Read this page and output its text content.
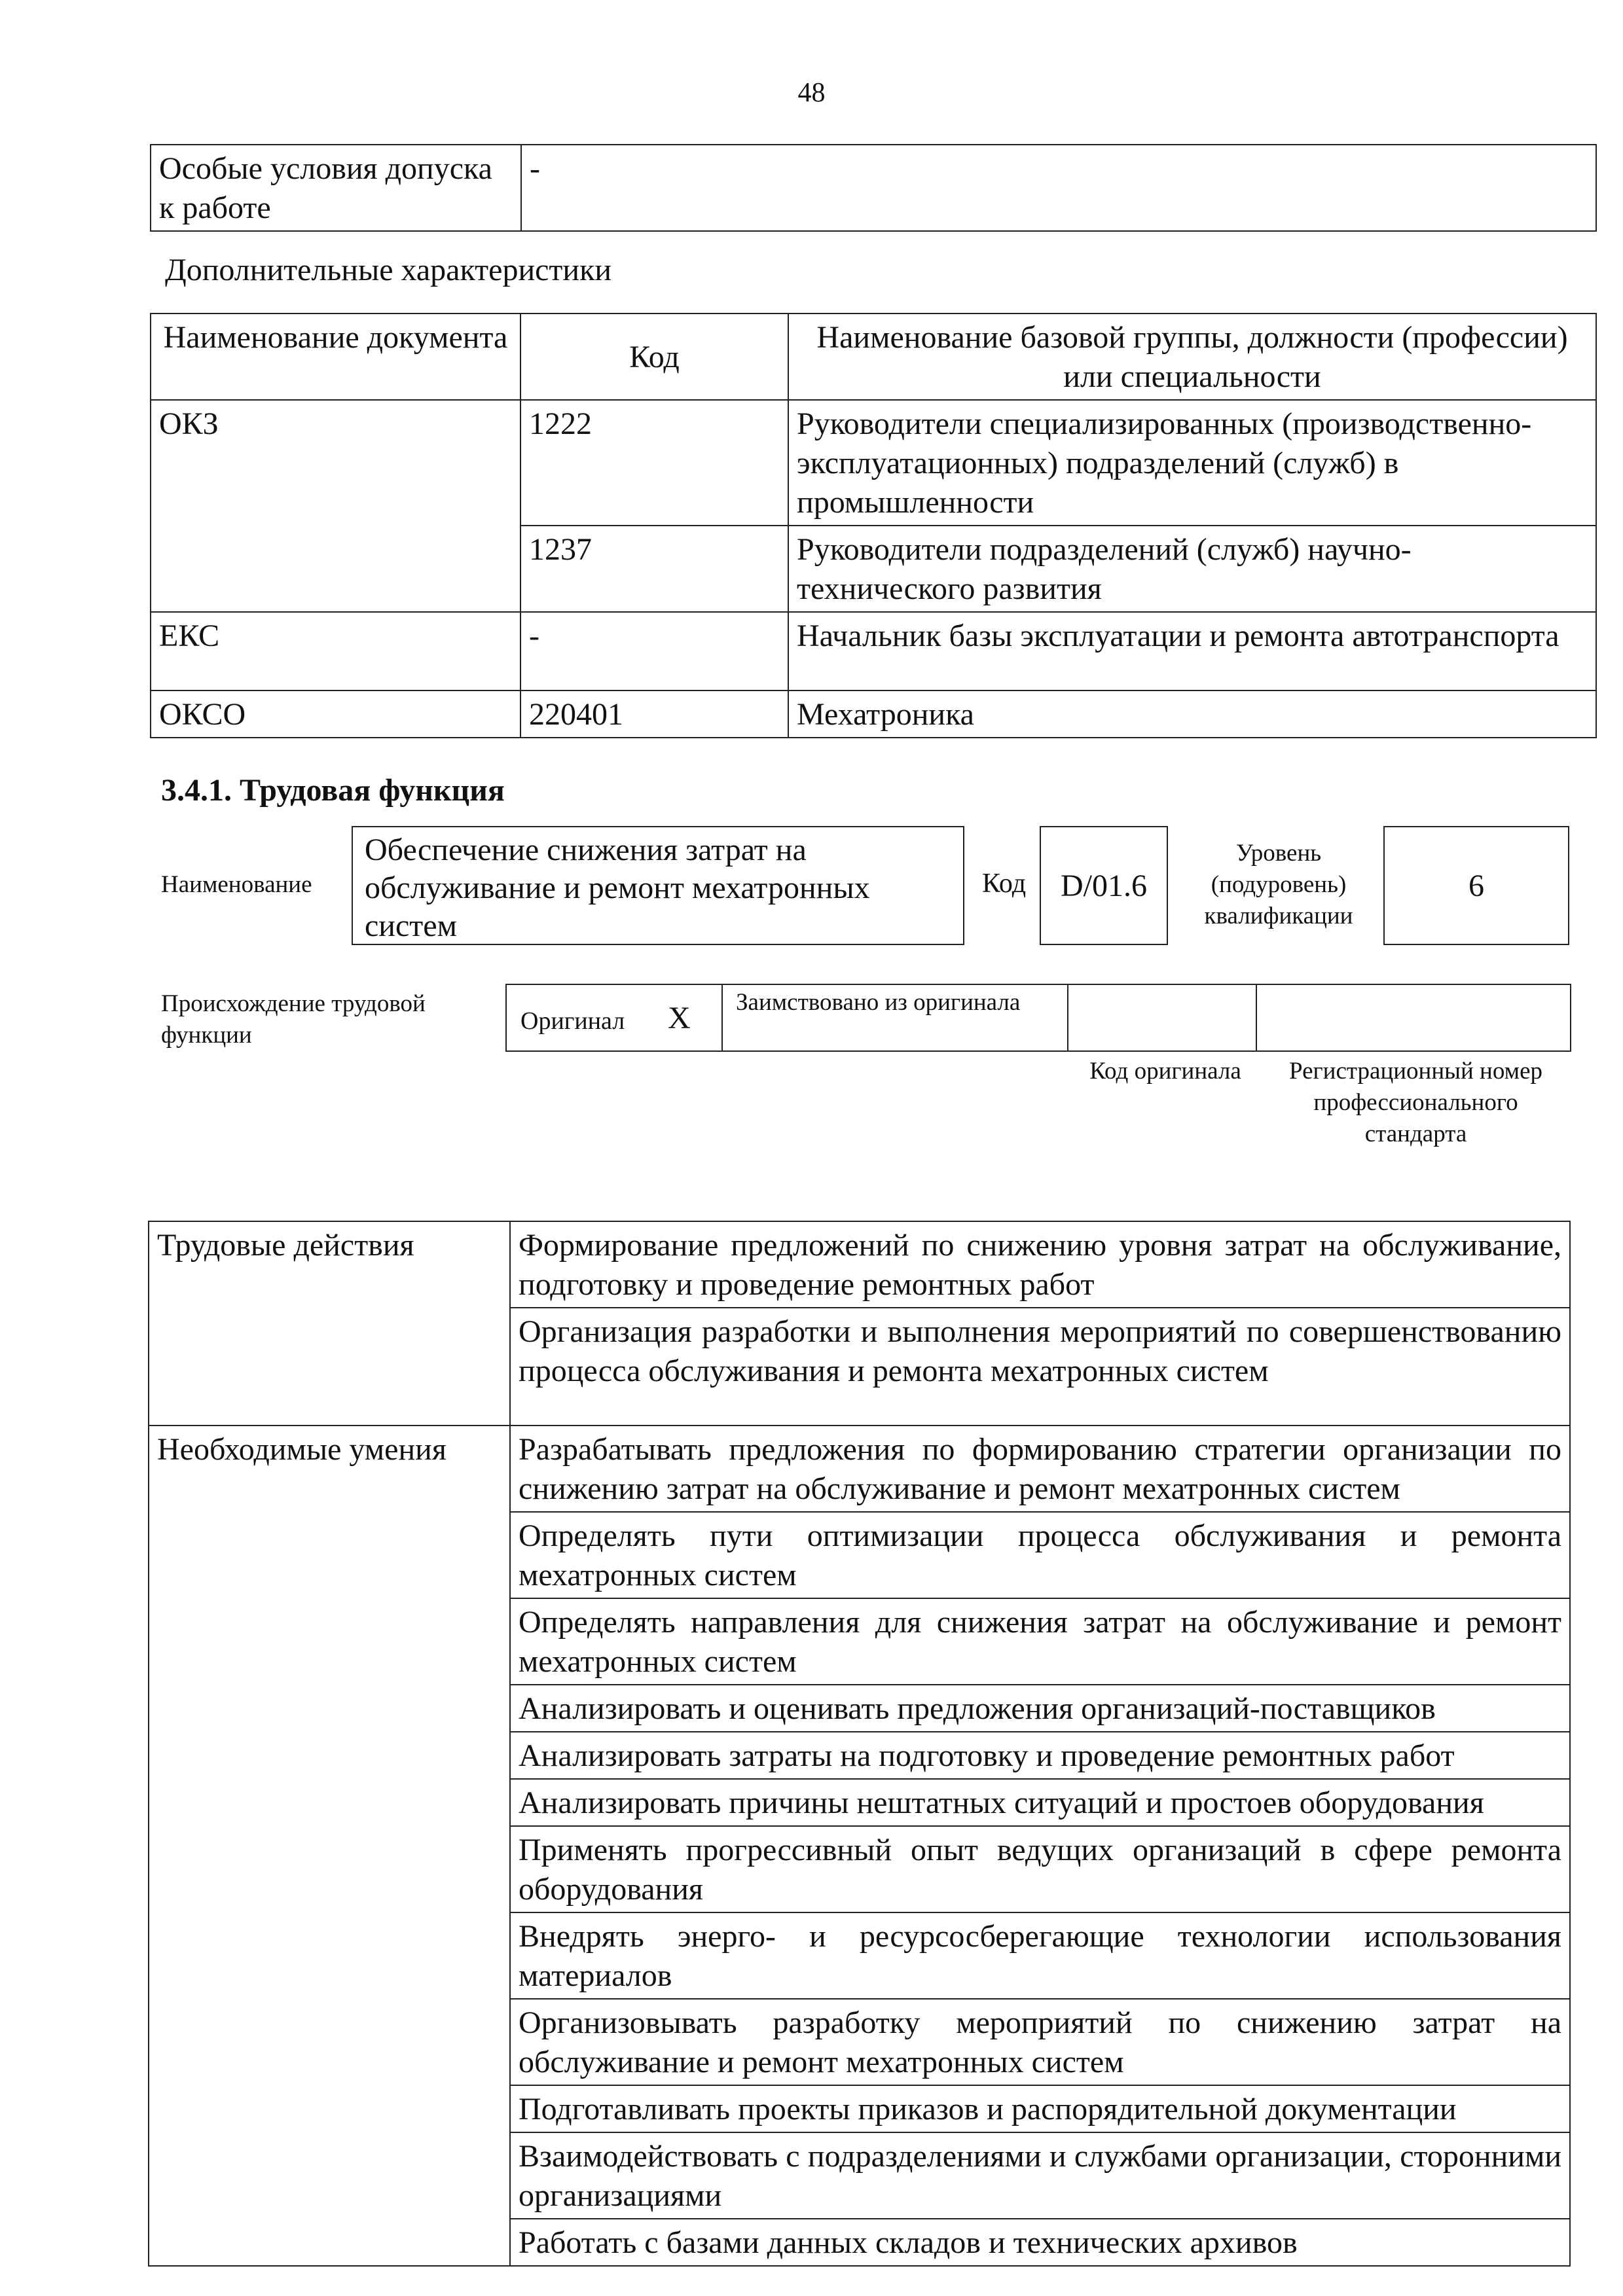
48
Особые условия допуска к работе	-
Дополнительные характеристики
Наименование документа	Код	Наименование базовой группы, должности (профессии) или специальности
ОКЗ	1222	Руководители специализированных (производственно-эксплуатационных) подразделений (служб) в промышленности
	1237	Руководители подразделений (служб) научно-технического развития
ЕКС	-	Начальник базы эксплуатации и ремонта автотранспорта
ОКСО	220401	Мехатроника
3.4.1. Трудовая функция
Наименование
Обеспечение снижения затрат на обслуживание и ремонт мехатронных систем
Код	D/01.6
Уровень (подуровень) квалификации
6
Происхождение трудовой функции
Оригинал X Заимствовано из оригинала
Код оригинала	Регистрационный номер профессионального стандарта
Трудовые действия	Формирование предложений по снижению уровня затрат на обслуживание, подготовку и проведение ремонтных работ
	Организация разработки и выполнения мероприятий по совершенствованию процесса обслуживания и ремонта мехатронных систем
Необходимые умения	Разрабатывать предложения по формированию стратегии организации по снижению затрат на обслуживание и ремонт мехатронных систем
	Определять пути оптимизации процесса обслуживания и ремонта мехатронных систем
	Определять направления для снижения затрат на обслуживание и ремонт мехатронных систем
	Анализировать и оценивать предложения организаций-поставщиков
	Анализировать затраты на подготовку и проведение ремонтных работ
	Анализировать причины нештатных ситуаций и простоев оборудования
	Применять прогрессивный опыт ведущих организаций в сфере ремонта оборудования
	Внедрять энерго- и ресурсосберегающие технологии использования материалов
	Организовывать разработку мероприятий по снижению затрат на обслуживание и ремонт мехатронных систем
	Подготавливать проекты приказов и распорядительной документации
	Взаимодействовать с подразделениями и службами организации, сторонними организациями
	Работать с базами данных складов и технических архивов
